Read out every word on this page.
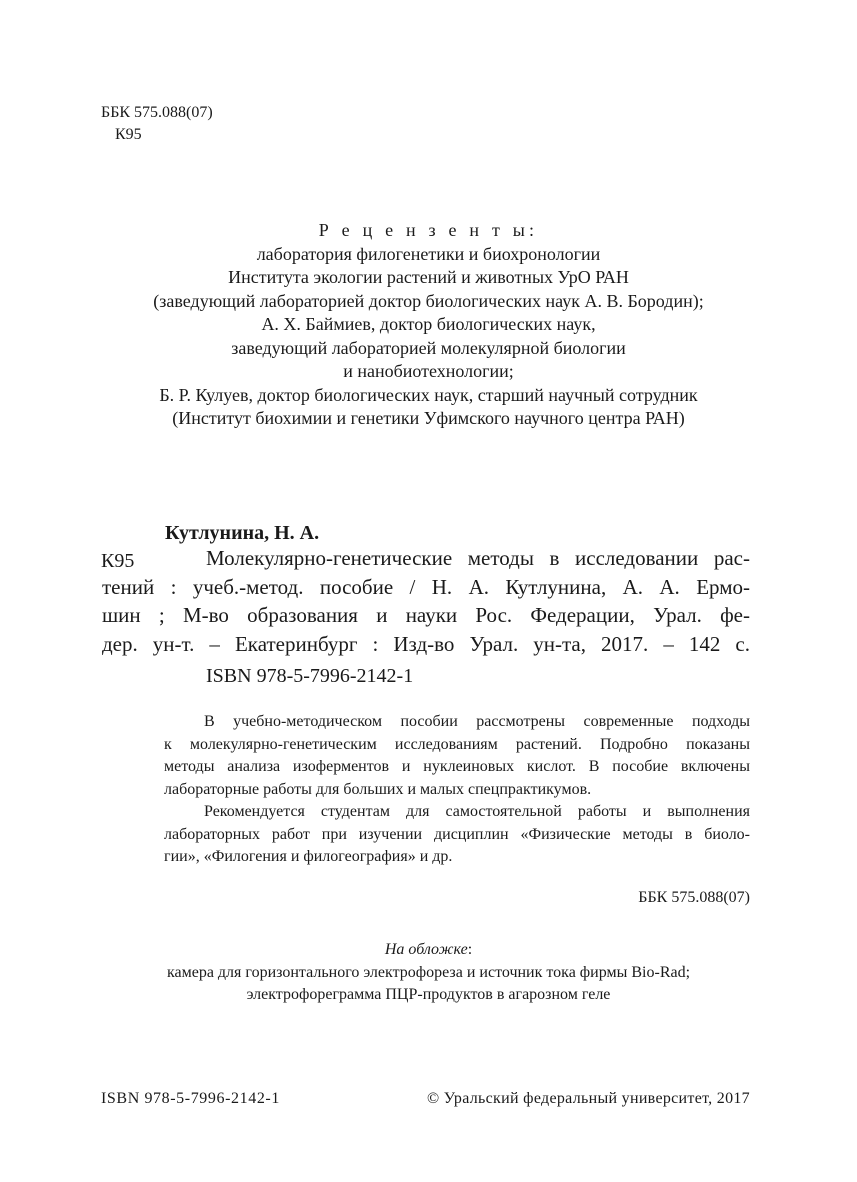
ББК 575.088(07)
К95
Р е ц е н з е н т ы:
лаборатория филогенетики и биохронологии
Института экологии растений и животных УрО РАН
(заведующий лабораторией доктор биологических наук А. В. Бородин);
А. Х. Баймиев, доктор биологических наук,
заведующий лабораторией молекулярной биологии
и нанобиотехнологии;
Б. Р. Кулуев, доктор биологических наук, старший научный сотрудник
(Институт биохимии и генетики Уфимского научного центра РАН)
Кутлунина, Н. А.
К95	Молекулярно-генетические методы в исследовании рас-
тений : учеб.-метод. пособие / Н. А. Кутлунина, А. А. Ермо-
шин ; М-во образования и науки Рос. Федерации, Урал. фе-
дер. ун-т. – Екатеринбург : Изд-во Урал. ун-та, 2017. – 142 с.
ISBN 978-5-7996-2142-1
В учебно-методическом пособии рассмотрены современные подходы
к молекулярно-генетическим исследованиям растений. Подробно показаны
методы анализа изоферментов и нуклеиновых кислот. В пособие включены
лабораторные работы для больших и малых спецпрактикумов.
Рекомендуется студентам для самостоятельной работы и выполнения
лабораторных работ при изучении дисциплин «Физические методы в биоло-
гии», «Филогения и филогеография» и др.
ББК 575.088(07)
На обложке:
камера для горизонтального электрофореза и источник тока фирмы Bio-Rad;
электрофореграмма ПЦР-продуктов в агарозном геле
ISBN 978-5-7996-2142-1	© Уральский федеральный университет, 2017
